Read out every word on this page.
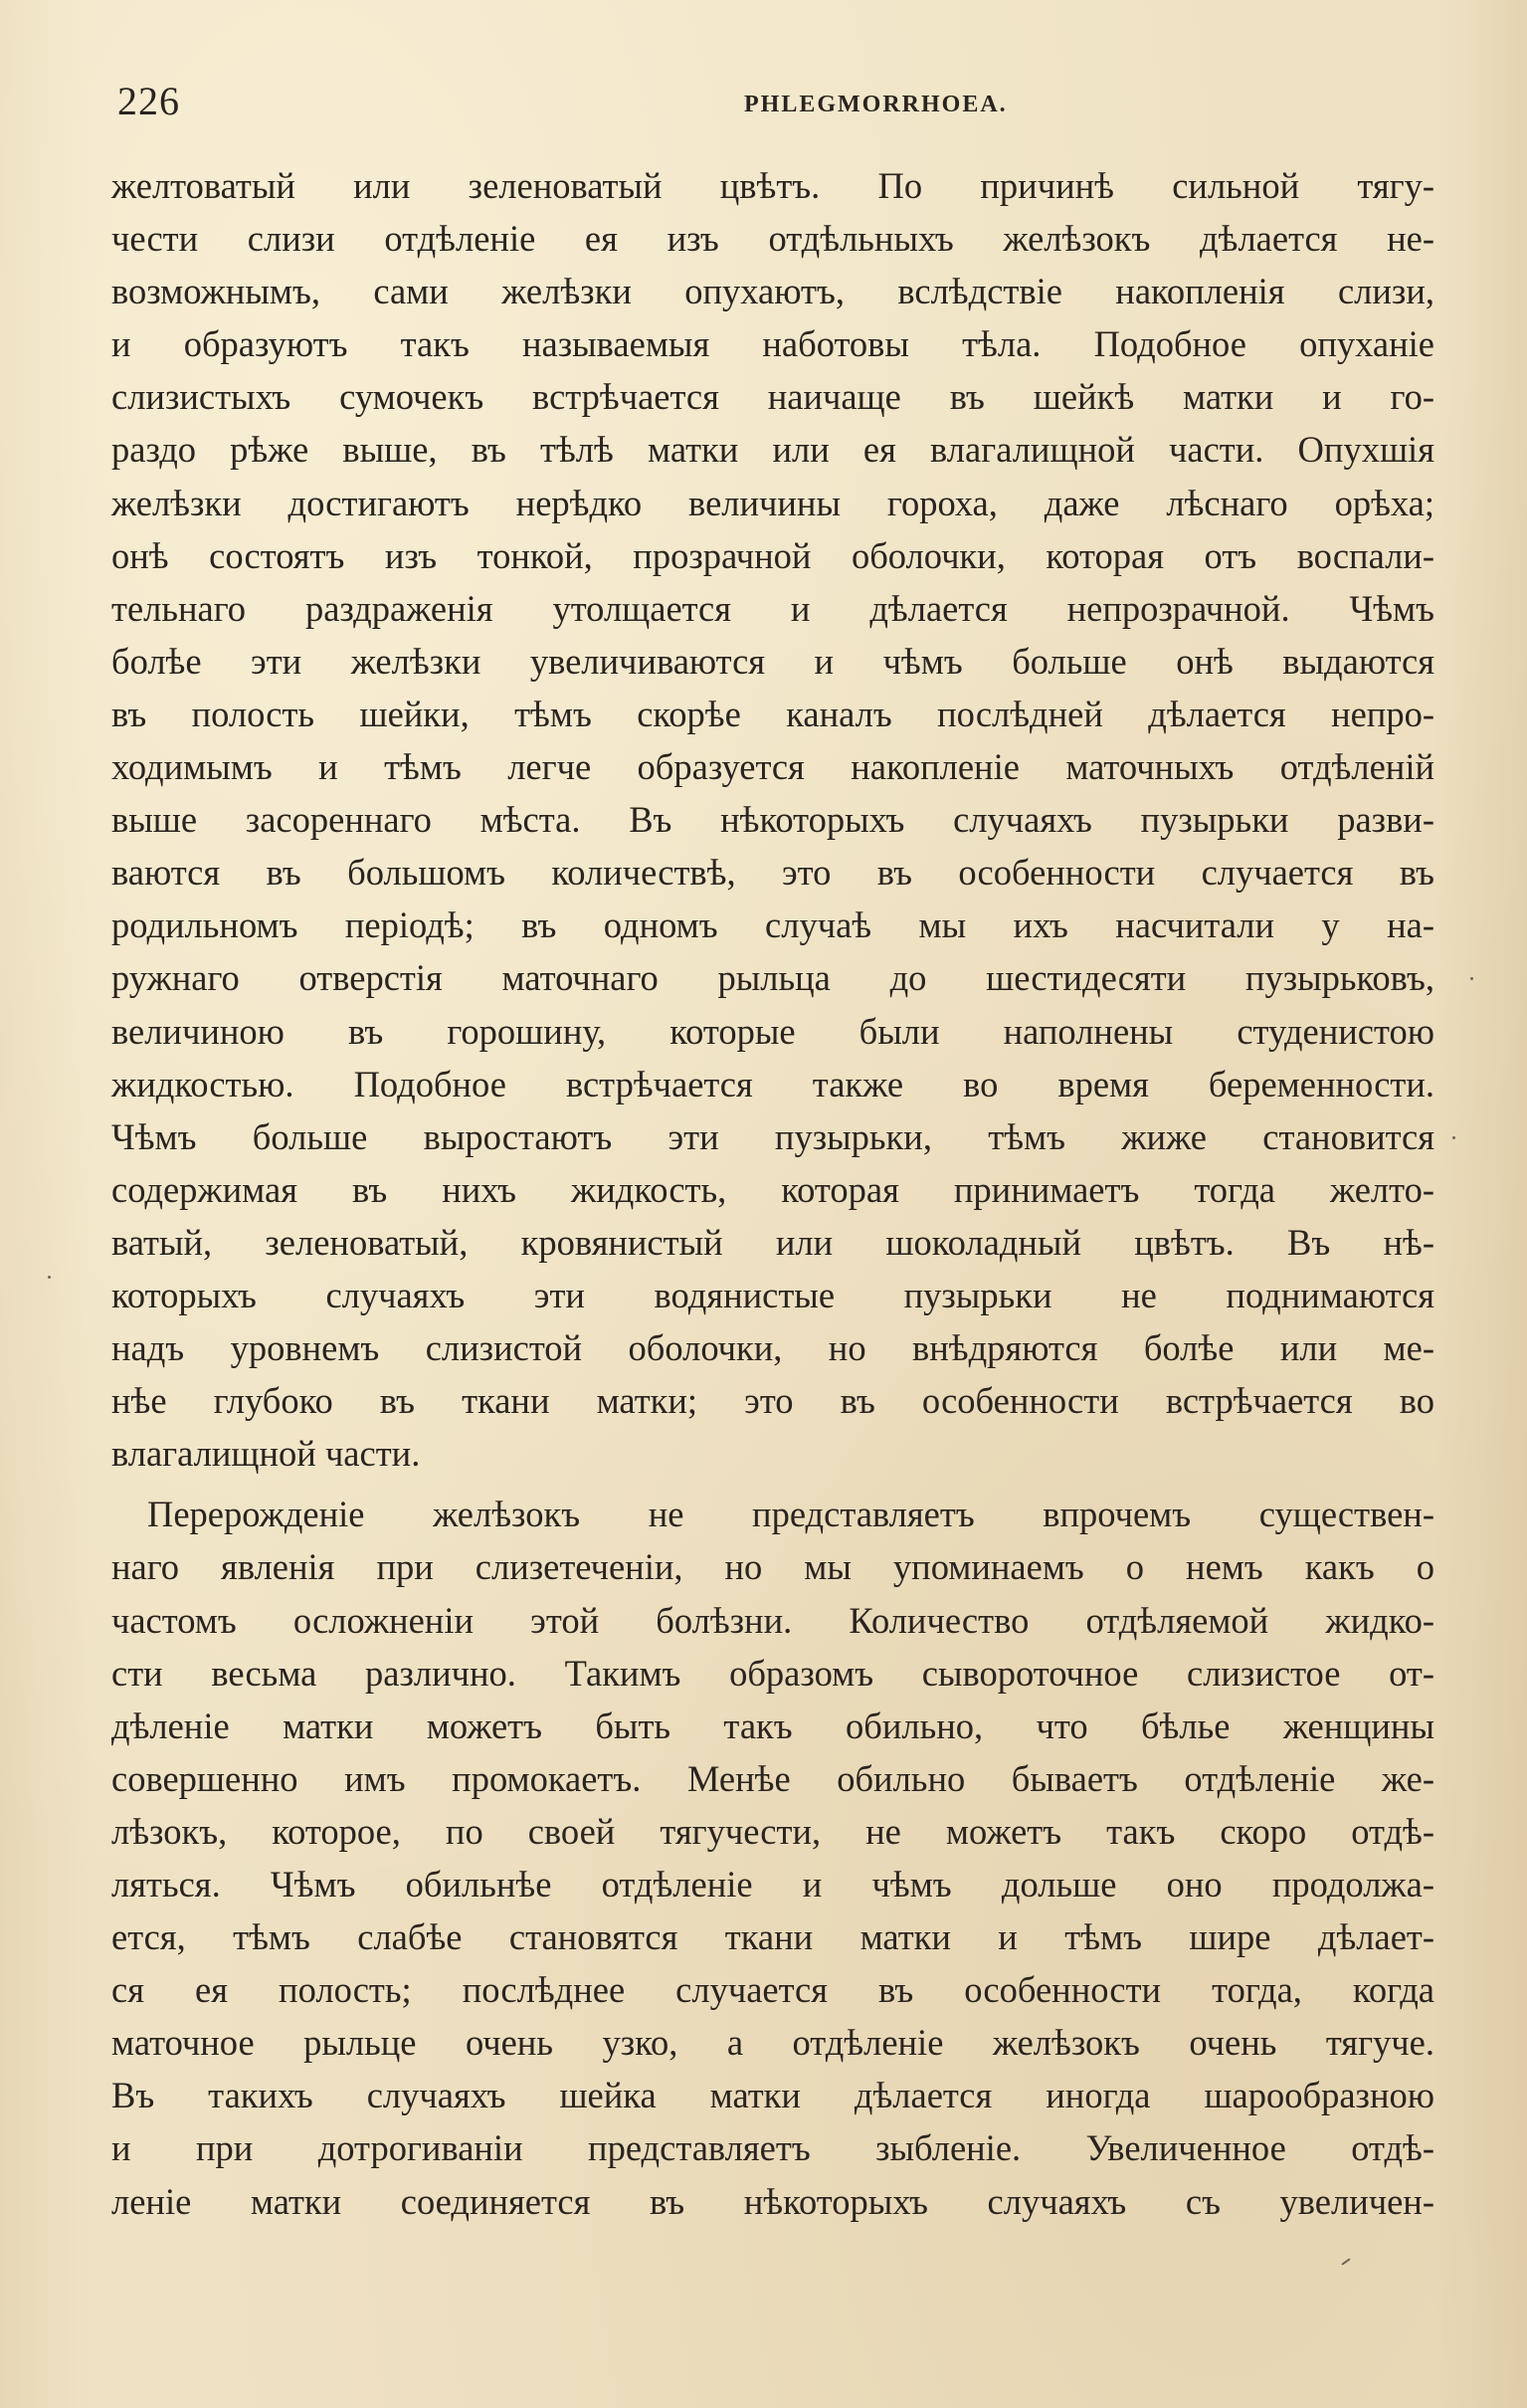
226	PHLEGMORRHOEA.
желтоватый или зеленоватый цвѣтъ. По причинѣ сильной тягу-
чести слизи отдѣленіе ея изъ отдѣльныхъ желѣзокъ дѣлается не-
возможнымъ, сами желѣзки опухаютъ, вслѣдствіе накопленія слизи,
и образуютъ такъ называемыя наботовы тѣла. Подобное опуханіе
слизистыхъ сумочекъ встрѣчается наичаще въ шейкѣ матки и го-
раздо рѣже выше, въ тѣлѣ матки или ея влагалищной части. Опухшія
желѣзки достигаютъ нерѣдко величины гороха, даже лѣснаго орѣха;
онѣ состоятъ изъ тонкой, прозрачной оболочки, которая отъ воспали-
тельнаго раздраженія утолщается и дѣлается непрозрачной. Чѣмъ
болѣе эти желѣзки увеличиваются и чѣмъ больше онѣ выдаются
въ полость шейки, тѣмъ скорѣе каналъ послѣдней дѣлается непро-
ходимымъ и тѣмъ легче образуется накопленіе маточныхъ отдѣленій
выше засореннаго мѣста. Въ нѣкоторыхъ случаяхъ пузырьки разви-
ваются въ большомъ количествѣ, это въ особенности случается въ
родильномъ періодѣ; въ одномъ случаѣ мы ихъ насчитали у на-
ружнаго отверстія маточнаго рыльца до шестидесяти пузырьковъ,
величиною въ горошину, которые были наполнены студенистою
жидкостью. Подобное встрѣчается также во время беременности.
Чѣмъ больше выростаютъ эти пузырьки, тѣмъ жиже становится
содержимая въ нихъ жидкость, которая принимаетъ тогда желто-
ватый, зеленоватый, кровянистый или шоколадный цвѣтъ. Въ нѣ-
которыхъ случаяхъ эти водянистые пузырьки не поднимаются
надъ уровнемъ слизистой оболочки, но внѣдряются болѣе или ме-
нѣе глубоко въ ткани матки; это въ особенности встрѣчается во
влагалищной части.
Перерожденіе желѣзокъ не представляетъ впрочемъ существен-
наго явленія при слизетеченіи, но мы упоминаемъ о немъ какъ о
частомъ осложненіи этой болѣзни. Количество отдѣляемой жидко-
сти весьма различно. Такимъ образомъ сывороточное слизистое от-
дѣленіе матки можетъ быть такъ обильно, что бѣлье женщины
совершенно имъ промокаетъ. Менѣе обильно бываетъ отдѣленіе же-
лѣзокъ, которое, по своей тягучести, не можетъ такъ скоро отдѣ-
ляться. Чѣмъ обильнѣе отдѣленіе и чѣмъ дольше оно продолжа-
ется, тѣмъ слабѣе становятся ткани матки и тѣмъ шире дѣлает-
ся ея полость; послѣднее случается въ особенности тогда, когда
маточное рыльце очень узко, а отдѣленіе желѣзокъ очень тягуче.
Въ такихъ случаяхъ шейка матки дѣлается иногда шарообразною
и при дотрогиваніи представляетъ зыбленіе. Увеличенное отдѣ-
леніе матки соединяется въ нѣкоторыхъ случаяхъ съ увеличен-
